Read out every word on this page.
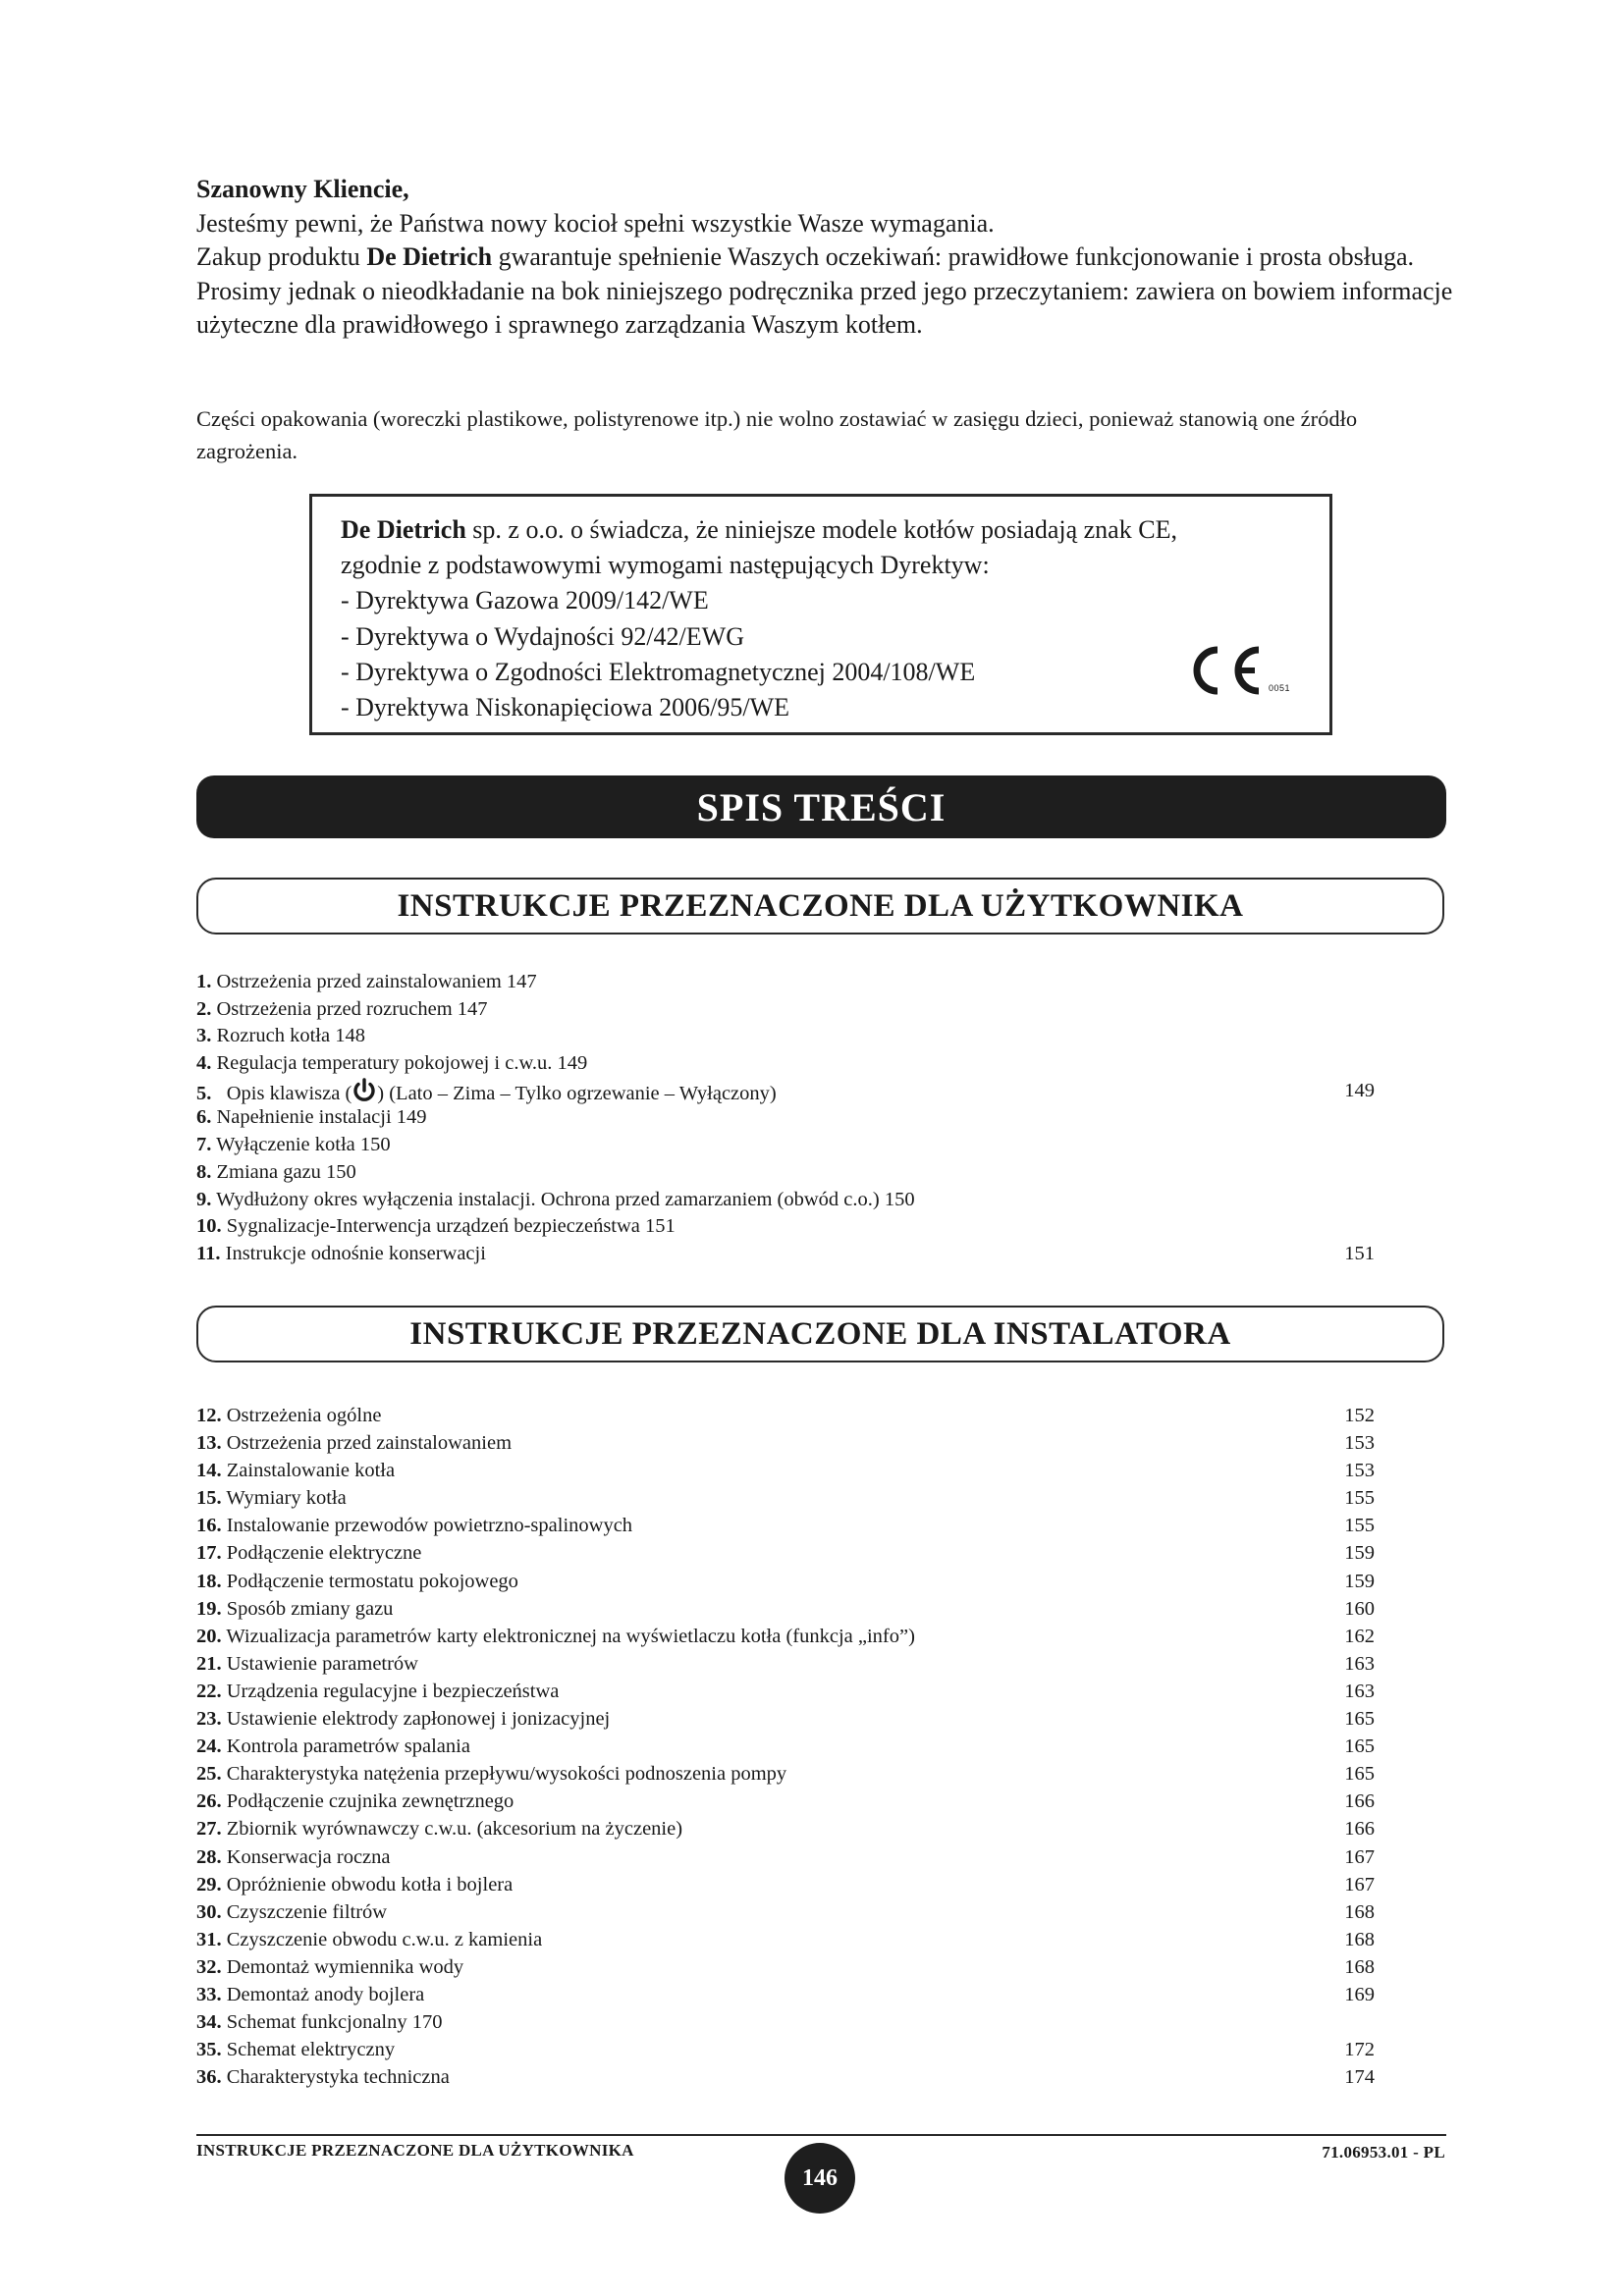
Szanowny Kliencie,

Jesteśmy pewni, że Państwa nowy kocioł spełni wszystkie Wasze wymagania.

Zakup produktu De Dietrich gwarantuje spełnienie Waszych oczekiwań: prawidłowe funkcjonowanie i prosta obsługa.

Prosimy jednak o nieodkładanie na bok niniejszego podręcznika przed jego przeczytaniem: zawiera on bowiem informacje użyteczne dla prawidłowego i sprawnego zarządzania Waszym kotłem.

Części opakowania (woreczki plastikowe, polistyrenowe itp.) nie wolno zostawiać w zasięgu dzieci, ponieważ stanowią one źródło zagrożenia.
De Dietrich sp. z o.o. o świadcza, że niniejsze modele kotłów posiadają znak CE,
zgodnie z podstawowymi wymogami następujących Dyrektyw:
- Dyrektywa Gazowa 2009/142/WE
- Dyrektywa o Wydajności 92/42/EWG
- Dyrektywa o Zgodności Elektromagnetycznej 2004/108/WE
- Dyrektywa Niskonapięciowa 2006/95/WE
0051
SPIS TREŚCI
INSTRUKCJE PRZEZNACZONE DLA UŻYTKOWNIKA
1. Ostrzeżenia przed zainstalowaniem 147
2. Ostrzeżenia przed rozruchem 147
3. Rozruch kotła 148
4. Regulacja temperatury pokojowej i c.w.u. 149
5.   Opis klawisza ( ) (Lato – Zima – Tylko ogrzewanie – Wyłączony)	149
6. Napełnienie instalacji 149
7. Wyłączenie kotła 150
8. Zmiana gazu 150
9. Wydłużony okres wyłączenia instalacji. Ochrona przed zamarzaniem (obwód c.o.) 150
10. Sygnalizacje-Interwencja urządzeń bezpieczeństwa 151
11. Instrukcje odnośnie konserwacji	151
INSTRUKCJE PRZEZNACZONE DLA INSTALATORA
12. Ostrzeżenia ogólne	152
13. Ostrzeżenia przed zainstalowaniem	153
14. Zainstalowanie kotła	153
15. Wymiary kotła	155
16. Instalowanie przewodów powietrzno-spalinowych	155
17. Podłączenie elektryczne	159
18. Podłączenie termostatu pokojowego	159
19. Sposób zmiany gazu	160
20. Wizualizacja parametrów karty elektronicznej na wyświetlaczu kotła (funkcja „info”)	162
21. Ustawienie parametrów	163
22. Urządzenia regulacyjne i bezpieczeństwa	163
23. Ustawienie elektrody zapłonowej i jonizacyjnej	165
24. Kontrola parametrów spalania	165
25. Charakterystyka natężenia przepływu/wysokości podnoszenia pompy	165
26. Podłączenie czujnika zewnętrznego	166
27. Zbiornik wyrównawczy c.w.u. (akcesorium na życzenie)	166
28. Konserwacja roczna	167
29. Opróżnienie obwodu kotła i bojlera	167
30. Czyszczenie filtrów	168
31. Czyszczenie obwodu c.w.u. z kamienia	168
32. Demontaż wymiennika wody	168
33. Demontaż anody bojlera	169
34. Schemat funkcjonalny 170
35. Schemat elektryczny	172
36. Charakterystyka techniczna	174
INSTRUKCJE PRZEZNACZONE DLA UŻYTKOWNIKA
146
71.06953.01 - PL
